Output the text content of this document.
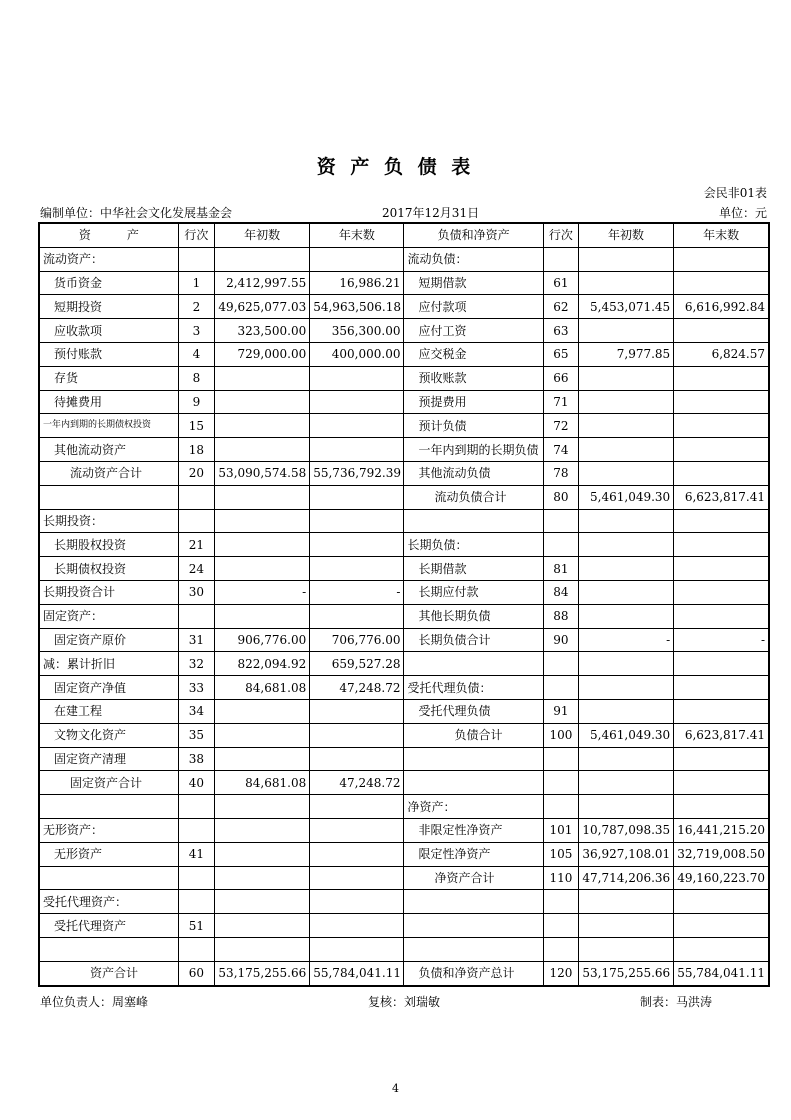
资 产 负 债 表
会民非01表
编制单位：中华社会文化发展基金会	2017年12月31日	单位：元
资　　　产	行次	年初数	年末数	负债和净资产	行次	年初数	年末数
流动资产：				流动负债：			
货币资金	1	2,412,997.55	16,986.21	短期借款	61		
短期投资	2	49,625,077.03	54,963,506.18	应付款项	62	5,453,071.45	6,616,992.84
应收款项	3	323,500.00	356,300.00	应付工资	63		
预付账款	4	729,000.00	400,000.00	应交税金	65	7,977.85	6,824.57
存货	8			预收账款	66		
待摊费用	9			预提费用	71		
一年内到期的长期债权投资	15			预计负债	72		
其他流动资产	18			一年内到期的长期负债	74		
流动资产合计	20	53,090,574.58	55,736,792.39	其他流动负债	78		
				流动负债合计	80	5,461,049.30	6,623,817.41
长期投资：							
长期股权投资	21			长期负债：			
长期债权投资	24			长期借款	81		
长期投资合计	30	-	-	长期应付款	84		
固定资产：				其他长期负债	88		
固定资产原价	31	906,776.00	706,776.00	长期负债合计	90	-	-
减：累计折旧	32	822,094.92	659,527.28				
固定资产净值	33	84,681.08	47,248.72	受托代理负债：			
在建工程	34			受托代理负债	91		
文物文化资产	35			负债合计	100	5,461,049.30	6,623,817.41
固定资产清理	38						
固定资产合计	40	84,681.08	47,248.72				
				净资产：			
无形资产：				非限定性净资产	101	10,787,098.35	16,441,215.20
无形资产	41			限定性净资产	105	36,927,108.01	32,719,008.50
				净资产合计	110	47,714,206.36	49,160,223.70
受托代理资产：							
受托代理资产	51						

资产合计	60	53,175,255.66	55,784,041.11	负债和净资产总计	120	53,175,255.66	55,784,041.11
单位负责人：周塞峰	复核：刘瑞敏	制表：马洪涛
4
